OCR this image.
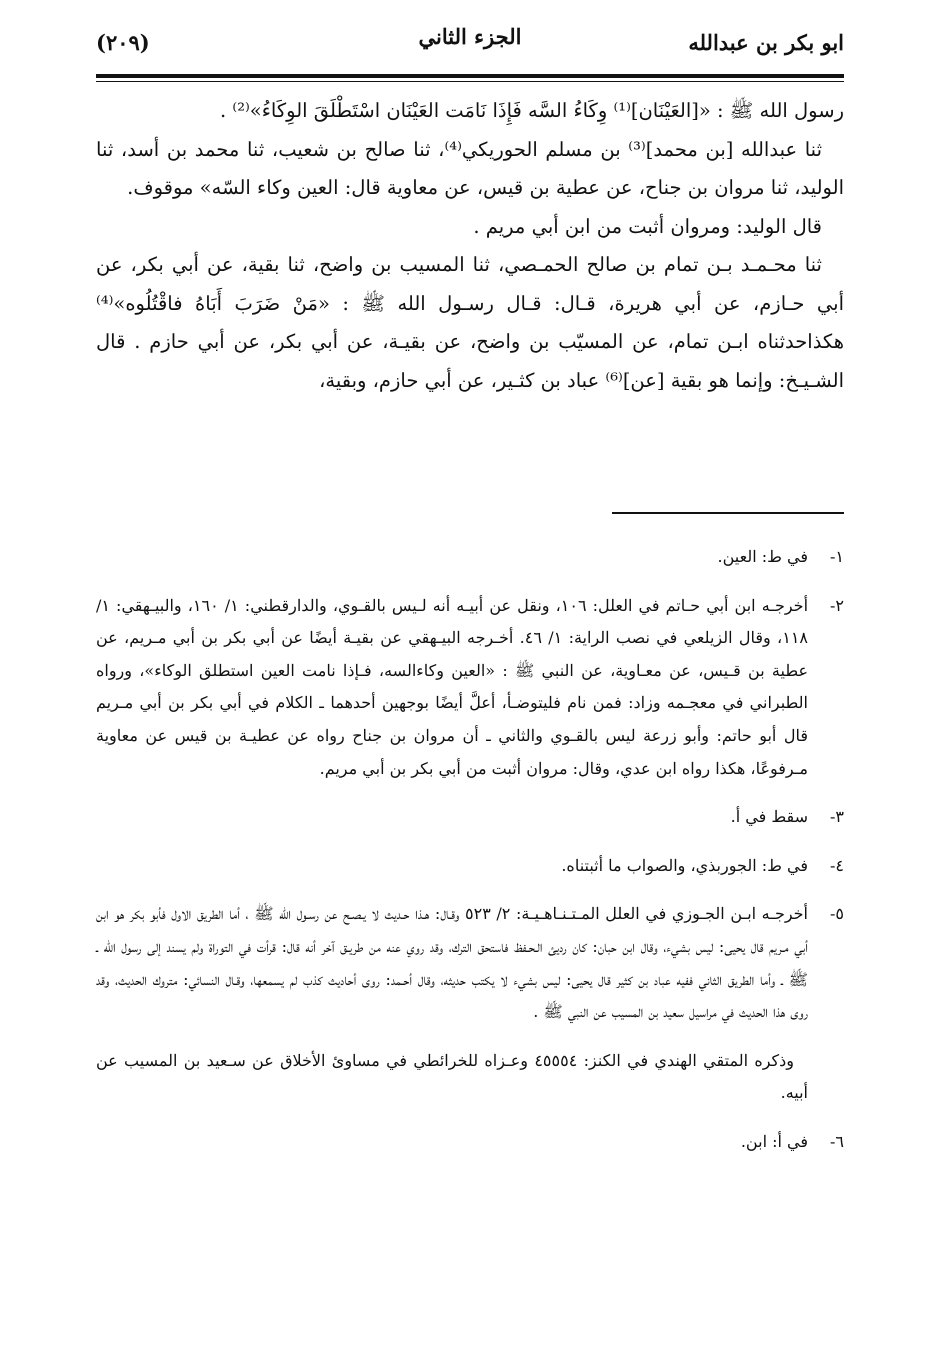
ابو بكر بن عبدالله
الجزء الثاني
(٢٠٩)

رسول الله ﷺ : «[العَيْنَان]⁽¹⁾ وِكَاءُ السَّه فَإِذَا نَامَت العَيْنَان اسْتَطْلَقَ الوِكَاءُ»⁽²⁾ .

ثنا عبدالله [بن محمد]⁽³⁾ بن مسلم الحوريكي⁽⁴⁾، ثنا صالح بن شعيب، ثنا محمد بن أسد، ثنا الوليد، ثنا مروان بن جناح، عن عطية بن قيس، عن معاوية قال: العين وكاء السّه» موقوف.

قال الوليد: ومروان أثبت من ابن أبي مريم .

ثنا محـمـد بـن تمام بن صالح الحمـصي، ثنا المسيب بن واضح، ثنا بقية، عن أبي بكر، عن أبي حـازم، عن أبي هريرة، قـال: قـال رسـول الله ﷺ : «مَنْ ضَرَبَ أَبَاهُ فاقْتُلُوه»⁽⁴⁾ هكذاحدثناه ابـن تمام، عن المسيّب بن واضح، عن بقيـة، عن أبي بكر، عن أبي حازم . قال الشـيـخ: وإنما هو بقية [عن]⁽⁶⁾ عباد بن كثـير، عن أبي حازم، وبقية،

١-

في ط: العين.

٢-

أخرجـه ابن أبي حـاتم في العلل: ١٠٦، ونقل عن أبيـه أنه لـيس بالقـوي، والدارقطني: ١/ ١٦٠، والبيـهقي: ١/ ١١٨، وقال الزيلعي في نصب الراية: ١/ ٤٦. أخـرجه البيـهقي عن بقيـة أيضًا عن أبي بكر بن أبي مـريم، عن عطية بن قـيس، عن معـاوية، عن النبي ﷺ : «العين وكاءالسه، فـإذا نامت العين استطلق الوكاء»، ورواه الطبراني في معجـمه وزاد: فمن نام فليتوضـأ، أعلَّ أيضًا بوجهين أحدهما ـ الكلام في أبي بكر بن أبي مـريم قال أبو حاتم: وأبو زرعة ليس بالقـوي والثاني ـ أن مروان بن جناح رواه عن عطيـة بن قيس عن معاوية مـرفوعًا، هكذا رواه ابن عدي، وقال: مروان أثبت من أبي بكر بن أبي مريم.

٣-

سقط في أ.

٤-

في ط: الجوربذي، والصواب ما أثبتناه.

٥-

أخرجـه ابـن الجـوزي في العلل المـتـنـاهـيـة: ٢/ ٥٢٣ وقـال: هـذا حـديث لا يـصـح عن رسـول الله ﷺ ، أما الطريق الاول فأبو بكر هو ابن أبي مـريم قال يحيى: ليس بشيء، وقال ابن حبان: كان رديئ الـحـفظ فاستحق الترك، وقد روي عنه من طريـق آخر أنه قال: قرأت في التوراة ولم يسند إلى رسول الله ـ ﷺ ـ وأما الطريق الثاني ففيه عباد بن كثير قال يحيى: ليس بشيء لا يكتب حديثه، وقال أحـمد: روى أحاديث كذب لم يسمعها، وقـال النسائي: متروك الحديث، وقد روى هذا الحديث في مراسيل سعيد بن المسيب عن النبي ﷺ .

وذكره المتقي الهندي في الكنز: ٤٥٥٥٤ وعـزاه للخرائطي في مساوئ الأخلاق عن سـعيد بن المسيب عن أبيه.

٦-

في أ: ابن.
